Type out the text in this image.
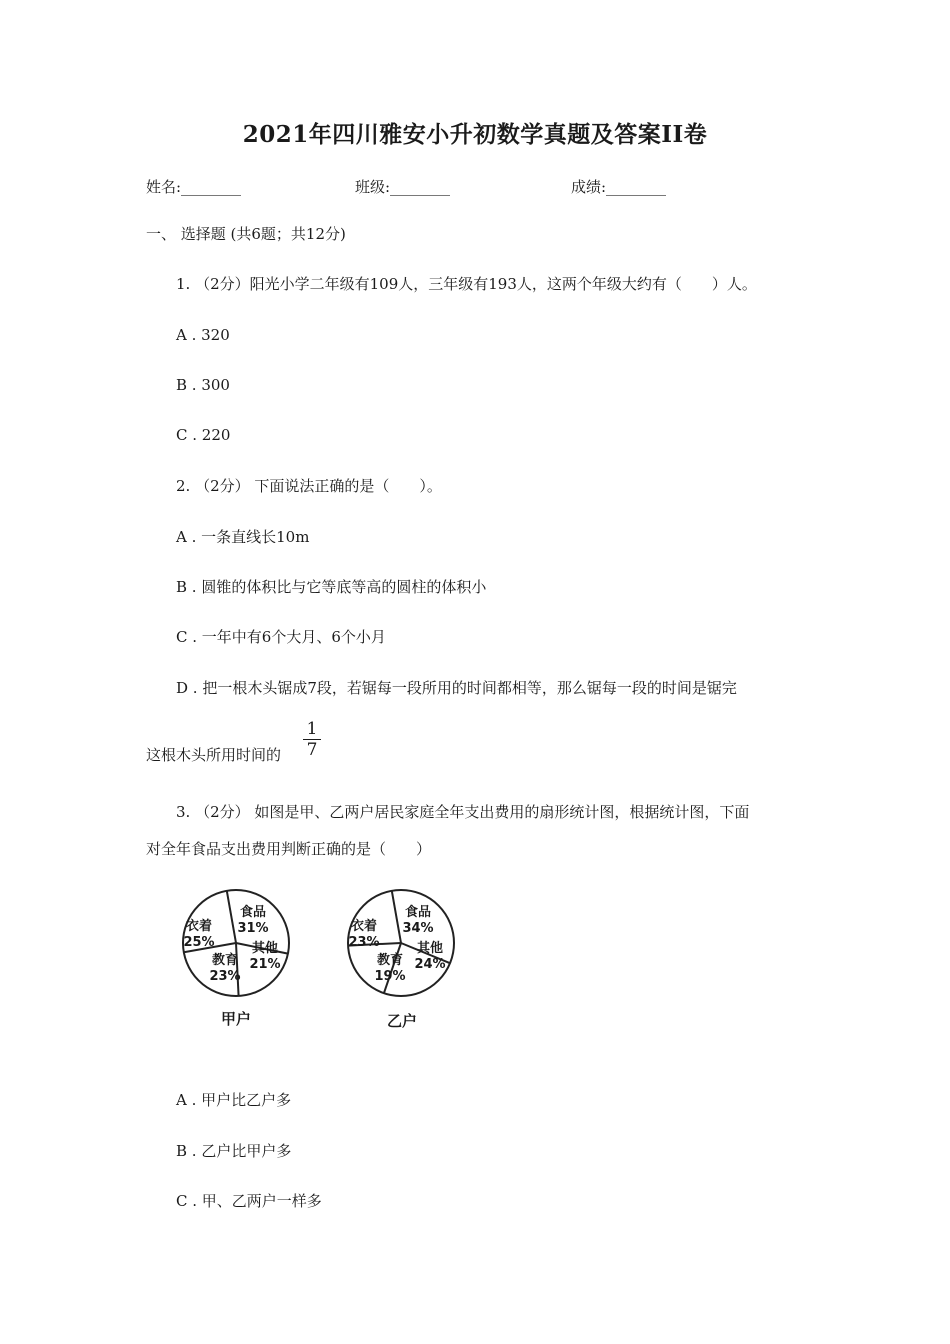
2021年四川雅安小升初数学真题及答案II卷
姓名:________	班级:________	成绩:________
一、 选择题 (共6题；共12分)
1. （2分）阳光小学二年级有109人，三年级有193人，这两个年级大约有（　　）人。
A . 320
B . 300
C . 220
2. （2分） 下面说法正确的是（　　）。
A . 一条直线长10m
B . 圆锥的体积比与它等底等高的圆柱的体积小
C . 一年中有6个大月、6个小月
D . 把一根木头锯成7段，若锯每一段所用的时间都相等，那么锯每一段的时间是锯完
这根木头所用时间的
1
7
3. （2分） 如图是甲、乙两户居民家庭全年支出费用的扇形统计图，根据统计图，下面
对全年食品支出费用判断正确的是（　　）
食品
31%
其他
21%
教育
23%
衣着
25%
甲户
食品
34%
其他
24%
教育
19%
衣着
23%
乙户
A . 甲户比乙户多
B . 乙户比甲户多
C . 甲、乙两户一样多
